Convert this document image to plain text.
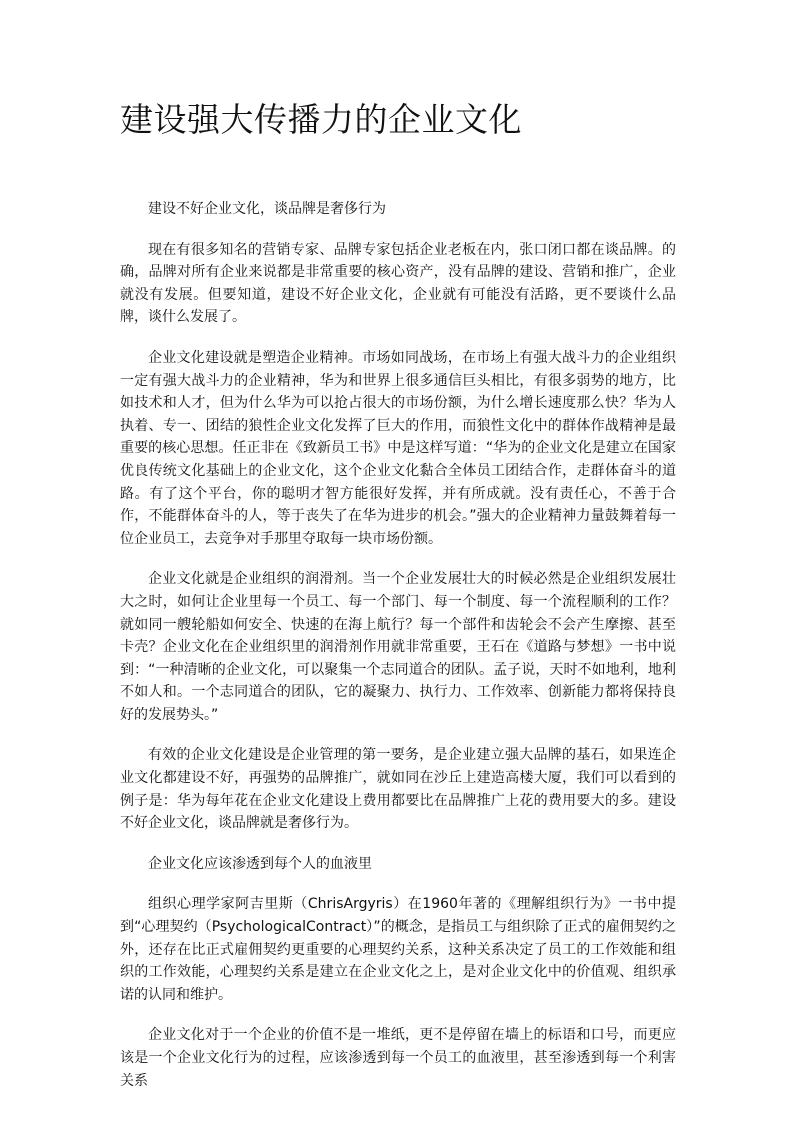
建设强大传播力的企业文化

建设不好企业文化，谈品牌是奢侈行为

现在有很多知名的营销专家、品牌专家包括企业老板在内，张口闭口都在谈品牌。的确，品牌对所有企业来说都是非常重要的核心资产，没有品牌的建设、营销和推广，企业就没有发展。但要知道，建设不好企业文化，企业就有可能没有活路，更不要谈什么品牌，谈什么发展了。

企业文化建设就是塑造企业精神。市场如同战场，在市场上有强大战斗力的企业组织一定有强大战斗力的企业精神，华为和世界上很多通信巨头相比，有很多弱势的地方，比如技术和人才，但为什么华为可以抢占很大的市场份额，为什么增长速度那么快？华为人执着、专一、团结的狼性企业文化发挥了巨大的作用，而狼性文化中的群体作战精神是最重要的核心思想。任正非在《致新员工书》中是这样写道：“华为的企业文化是建立在国家优良传统文化基础上的企业文化，这个企业文化黏合全体员工团结合作，走群体奋斗的道路。有了这个平台，你的聪明才智方能很好发挥，并有所成就。没有责任心，不善于合作，不能群体奋斗的人，等于丧失了在华为进步的机会。”强大的企业精神力量鼓舞着每一位企业员工，去竞争对手那里夺取每一块市场份额。

企业文化就是企业组织的润滑剂。当一个企业发展壮大的时候必然是企业组织发展壮大之时，如何让企业里每一个员工、每一个部门、每一个制度、每一个流程顺利的工作？就如同一艘轮船如何安全、快速的在海上航行？每一个部件和齿轮会不会产生摩擦、甚至卡壳？企业文化在企业组织里的润滑剂作用就非常重要，王石在《道路与梦想》一书中说到：“一种清晰的企业文化，可以聚集一个志同道合的团队。孟子说，天时不如地利，地利不如人和。一个志同道合的团队，它的凝聚力、执行力、工作效率、创新能力都将保持良好的发展势头。”

有效的企业文化建设是企业管理的第一要务，是企业建立强大品牌的基石，如果连企业文化都建设不好，再强势的品牌推广，就如同在沙丘上建造高楼大厦，我们可以看到的例子是：华为每年花在企业文化建设上费用都要比在品牌推广上花的费用要大的多。建设不好企业文化，谈品牌就是奢侈行为。

企业文化应该渗透到每个人的血液里

组织心理学家阿吉里斯（ChrisArgyris）在1960年著的《理解组织行为》一书中提到“心理契约（PsychologicalContract）”的概念，是指员工与组织除了正式的雇佣契约之外，还存在比正式雇佣契约更重要的心理契约关系，这种关系决定了员工的工作效能和组织的工作效能，心理契约关系是建立在企业文化之上，是对企业文化中的价值观、组织承诺的认同和维护。

企业文化对于一个企业的价值不是一堆纸，更不是停留在墙上的标语和口号，而更应该是一个企业文化行为的过程，应该渗透到每一个员工的血液里，甚至渗透到每一个利害关系
